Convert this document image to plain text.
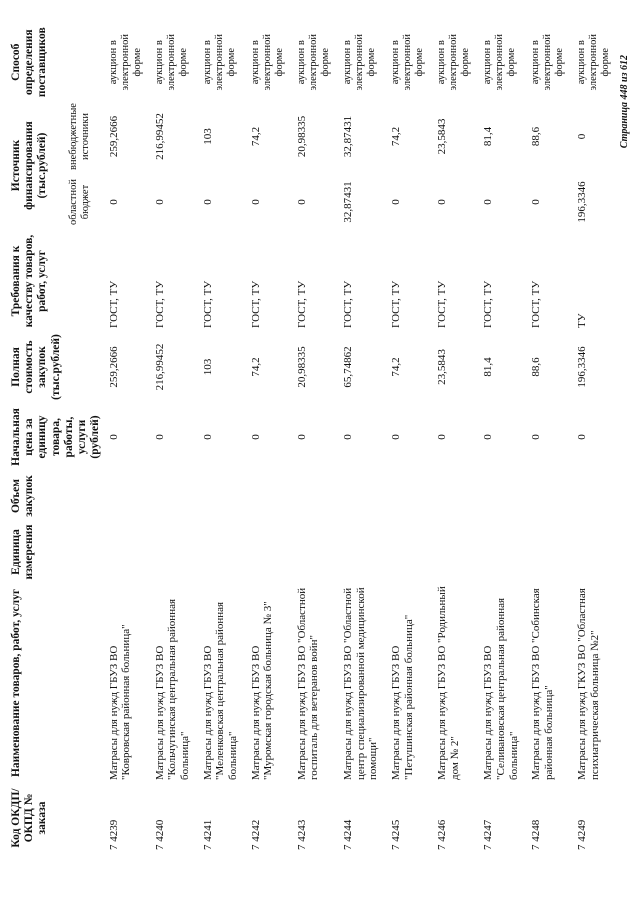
Код ОКДП/ ОКПД № заказа	Наименование товаров, работ, услуг	Единица измерения	Объем закупок	Начальная цена за единицу товара, работы, услуги (рублей)	Полная стоимость закупок (тыс.рублей)	Требования к качеству товаров, работ, услуг	Источник финансирования (тыс.рублей)		Способ определения поставщиков
							областной бюджет	внебюджетные источники	
7 4239	Матрасы для нужд ГБУЗ ВО "Ковровская районная больница"			0	259,2666	ГОСТ, ТУ	0	259,2666	аукцион в электронной форме
7 4240	Матрасы для нужд ГБУЗ ВО "Кольчугинская центральная районная больница"			0	216,99452	ГОСТ, ТУ	0	216,99452	аукцион в электронной форме
7 4241	Матрасы для нужд ГБУЗ ВО "Меленковская центральная районная больница"			0	103	ГОСТ, ТУ	0	103	аукцион в электронной форме
7 4242	Матрасы для нужд ГБУЗ ВО "Муромская городская больница № 3"			0	74,2	ГОСТ, ТУ	0	74,2	аукцион в электронной форме
7 4243	Матрасы для нужд ГБУЗ ВО "Областной госпиталь для ветеранов войн"			0	20,98335	ГОСТ, ТУ	0	20,98335	аукцион в электронной форме
7 4244	Матрасы для нужд ГБУЗ ВО "Областной центр специализированной медицинской помощи"			0	65,74862	ГОСТ, ТУ	32,87431	32,87431	аукцион в электронной форме
7 4245	Матрасы для нужд ГБУЗ ВО "Петушинская районная больница"			0	74,2	ГОСТ, ТУ	0	74,2	аукцион в электронной форме
7 4246	Матрасы для нужд ГБУЗ ВО "Родильный дом № 2"			0	23,5843	ГОСТ, ТУ	0	23,5843	аукцион в электронной форме
7 4247	Матрасы для нужд ГБУЗ ВО "Селивановская центральная районная больница"			0	81,4	ГОСТ, ТУ	0	81,4	аукцион в электронной форме
7 4248	Матрасы для нужд ГБУЗ ВО "Собинская районная больница"			0	88,6	ГОСТ, ТУ	0	88,6	аукцион в электронной форме
7 4249	Матрасы для нужд ГКУЗ ВО "Областная психиатрическая больница №2"			0	196,3346	ТУ	196,3346	0	аукцион в электронной форме Страница 448 из 612
